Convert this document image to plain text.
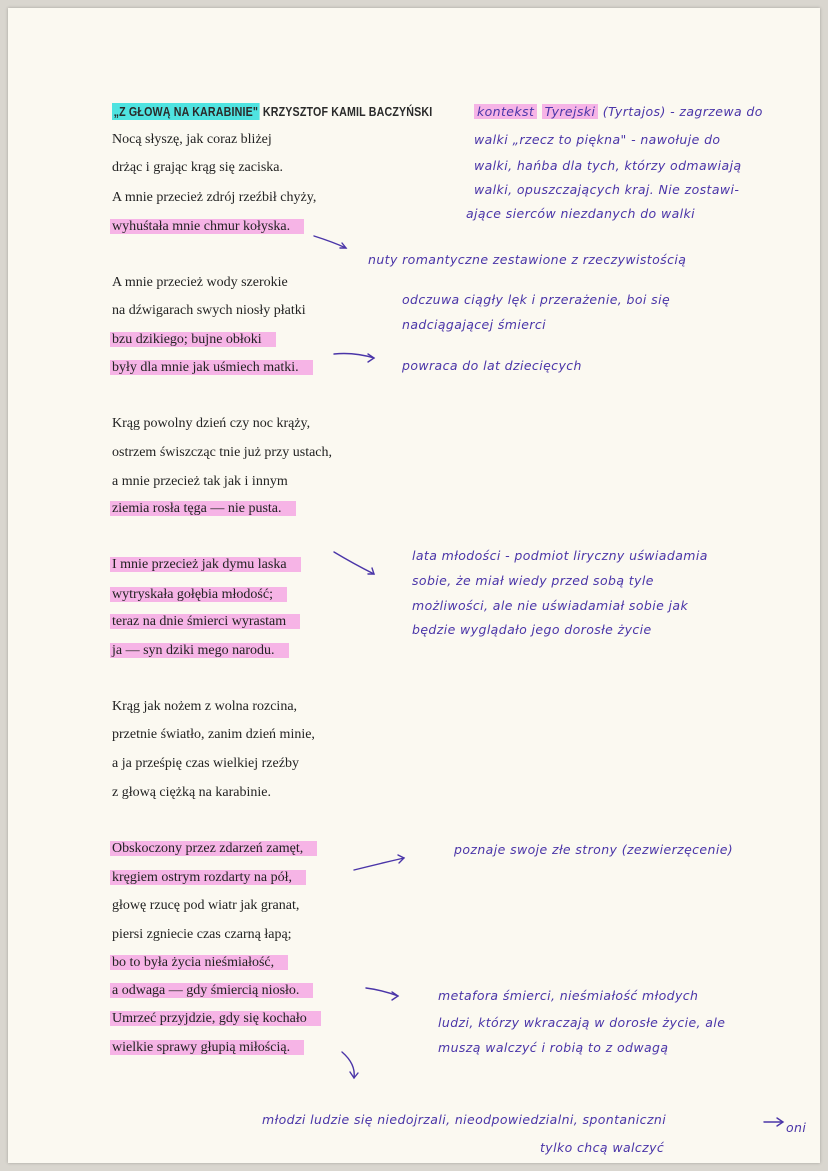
„Z GŁOWĄ NA KARABINIE" KRZYSZTOF KAMIL BACZYŃSKI
Nocą słyszę, jak coraz bliżej
drżąc i grając krąg się zaciska.
A mnie przecież zdrój rzeźbił chyży,
wyhuśtała mnie chmur kołyska.
A mnie przecież wody szerokie
na dźwigarach swych niosły płatki
bzu dzikiego; bujne obłoki
były dla mnie jak uśmiech matki.
Krąg powolny dzień czy noc krąży,
ostrzem świszcząc tnie już przy ustach,
a mnie przecież tak jak i innym
ziemia rosła tęga — nie pusta.
I mnie przecież jak dymu laska
wytryskała gołębia młodość;
teraz na dnie śmierci wyrastam
ja — syn dziki mego narodu.
Krąg jak nożem z wolna rozcina,
przetnie światło, zanim dzień minie,
a ja prześpię czas wielkiej rzeźby
z głową ciężką na karabinie.
Obskoczony przez zdarzeń zamęt,
kręgiem ostrym rozdarty na pół,
głowę rzucę pod wiatr jak granat,
piersi zgniecie czas czarną łapą;
bo to była życia nieśmiałość,
a odwaga — gdy śmiercią niosło.
Umrzeć przyjdzie, gdy się kochało
wielkie sprawy głupią miłością.
kontekst Tyrejski (Tyrtajos) - zagrzewa do
walki „rzecz to piękna" - nawołuje do
walki, hańba dla tych, którzy odmawiają
walki, opuszczających kraj. Nie zostawi-
ające sierców niezdanych do walki
nuty romantyczne zestawione z rzeczywistością
odczuwa ciągły lęk i przerażenie, boi się
nadciągającej śmierci
powraca do lat dziecięcych
lata młodości - podmiot liryczny uświadamia
sobie, że miał wiedy przed sobą tyle
możliwości, ale nie uświadamiał sobie jak
będzie wyglądało jego dorosłe życie
poznaje swoje złe strony (zezwierzęcenie)
metafora śmierci, nieśmiałość młodych
ludzi, którzy wkraczają w dorosłe życie, ale
muszą walczyć i robią to z odwagą
młodzi ludzie się niedojrzali, nieodpowiedzialni, spontaniczni
oni
tylko chcą walczyć
